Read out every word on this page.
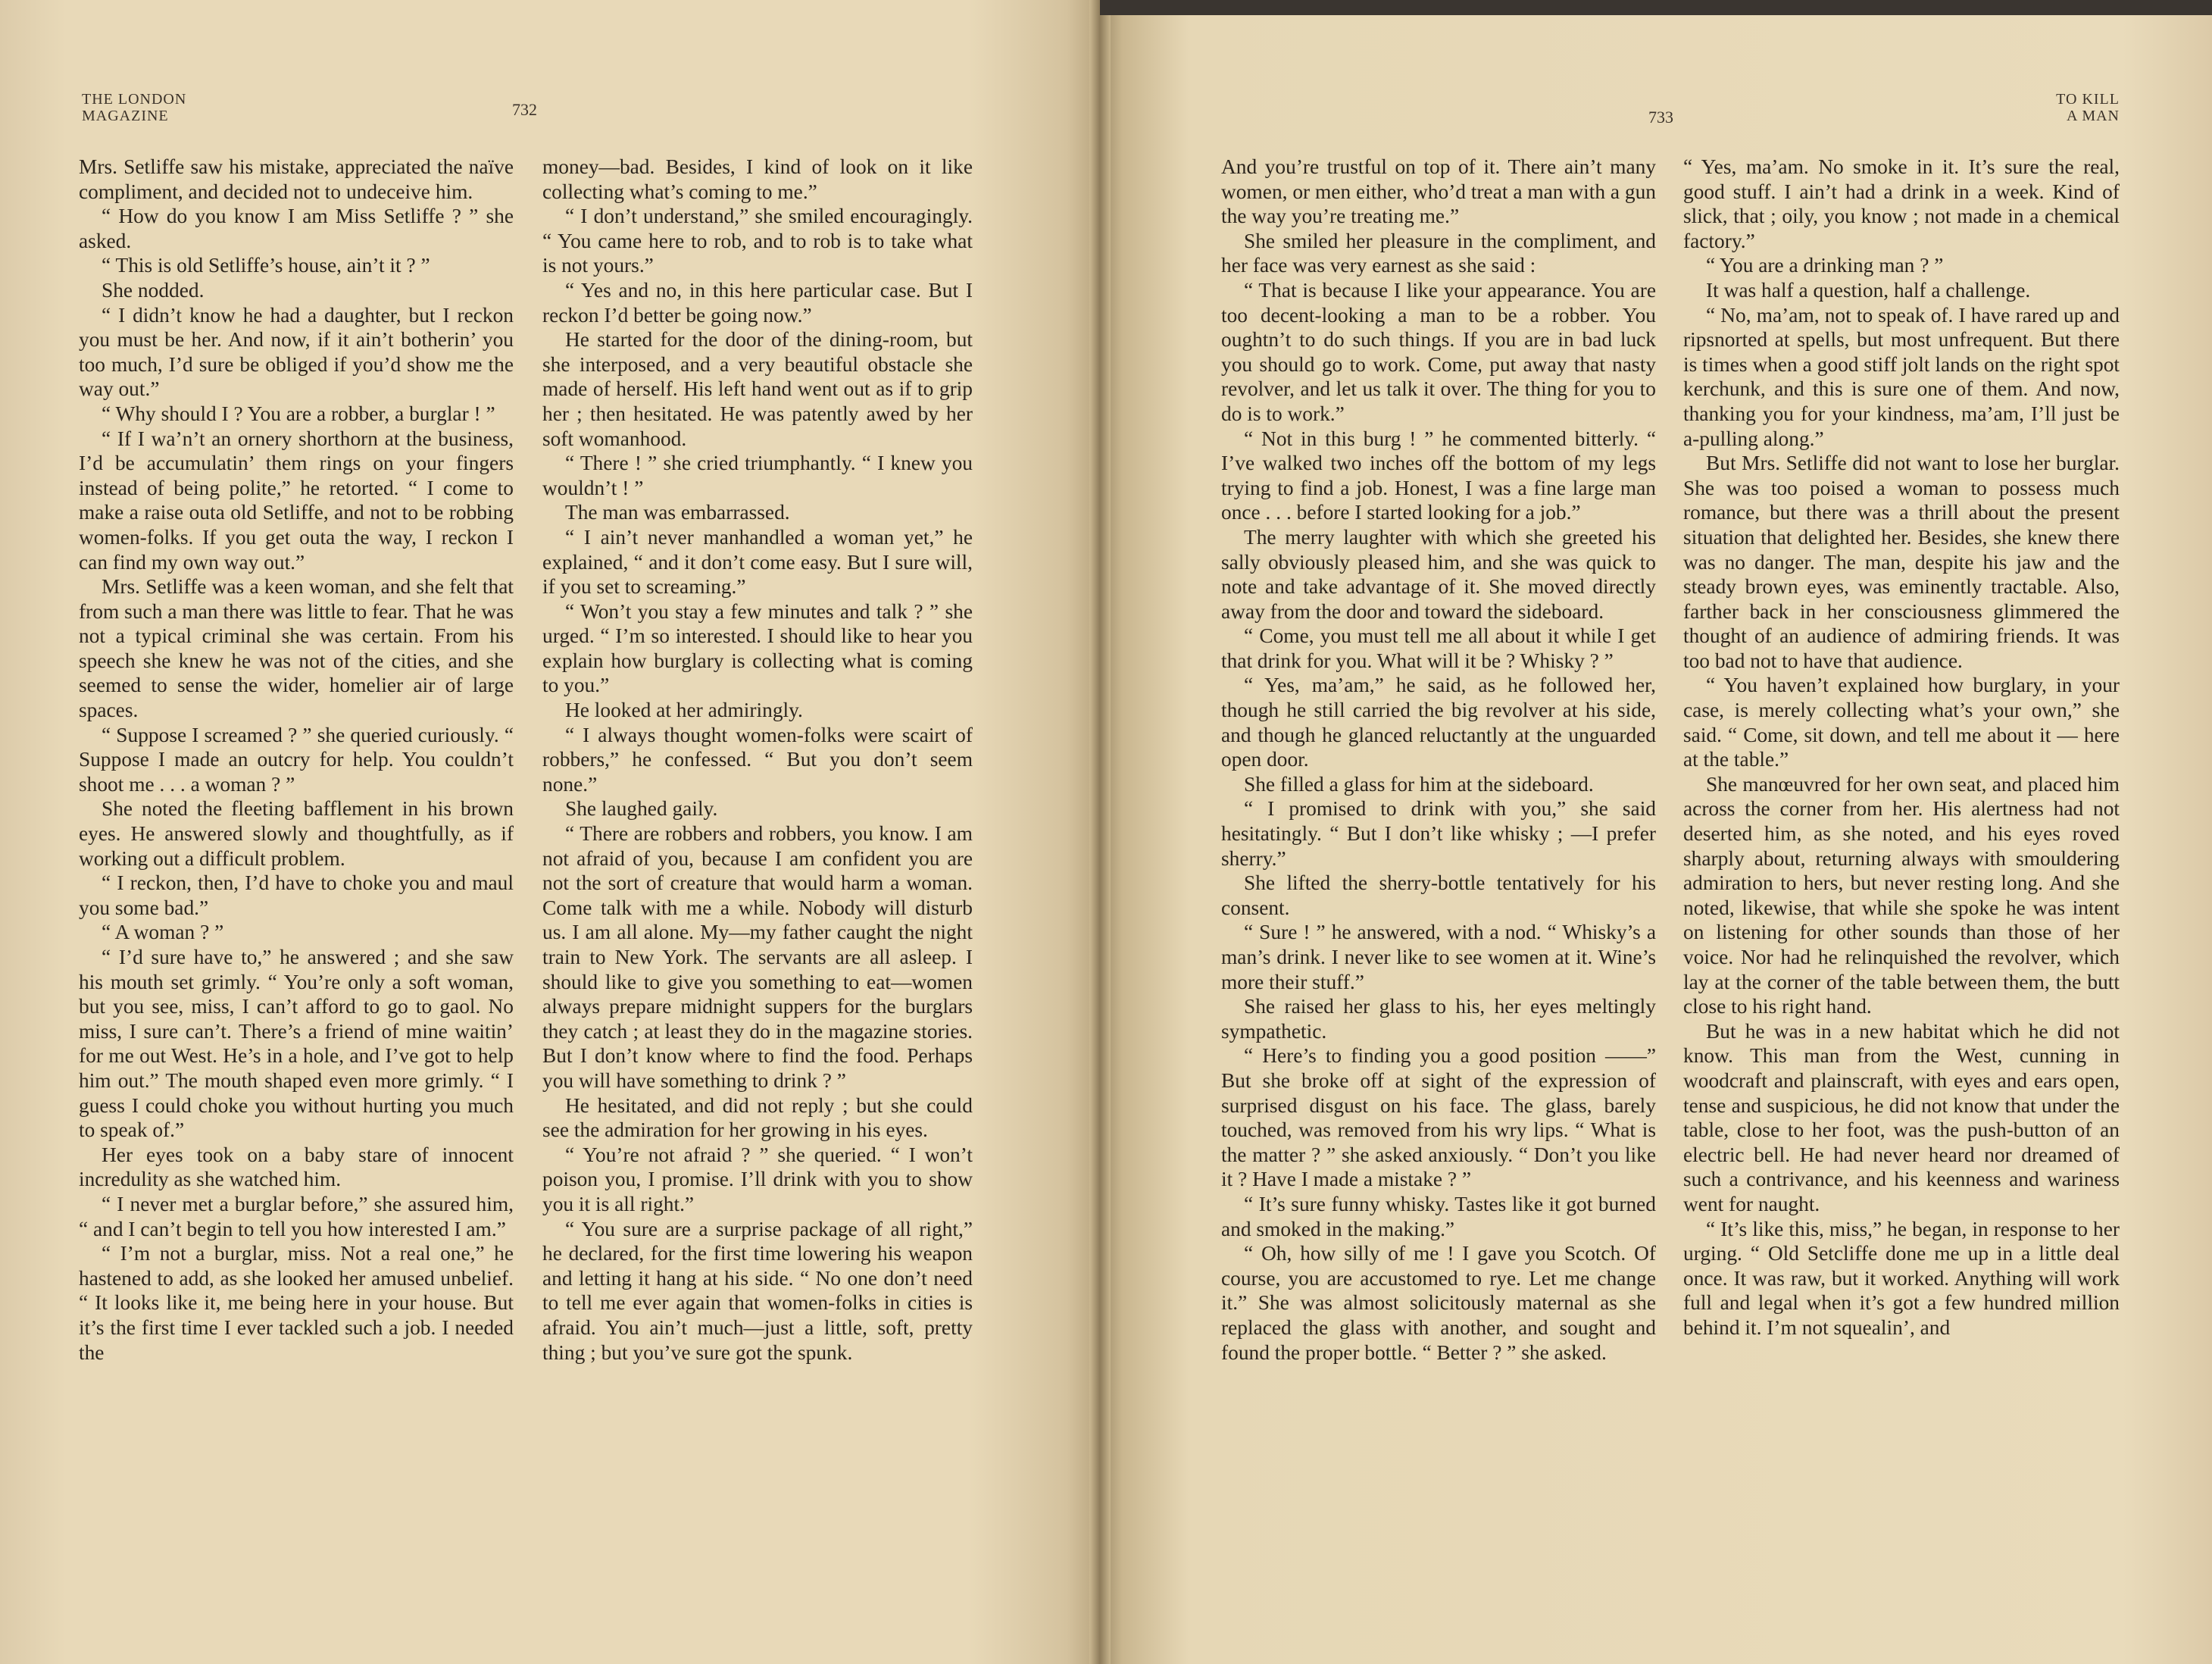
THE LONDON
MAGAZINE	732

Mrs. Setliffe saw his mistake, appreciated the naïve compliment, and decided not to undeceive him.

“ How do you know I am Miss Setliffe ? ” she asked.

“ This is old Setliffe’s house, ain’t it ? ”

She nodded.

“ I didn’t know he had a daughter, but I reckon you must be her. And now, if it ain’t botherin’ you too much, I’d sure be obliged if you’d show me the way out.”

“ Why should I ? You are a robber, a burglar ! ”

“ If I wa’n’t an ornery shorthorn at the business, I’d be accumulatin’ them rings on your fingers instead of being polite,” he retorted. “ I come to make a raise outa old Setliffe, and not to be robbing women-folks. If you get outa the way, I reckon I can find my own way out.”

Mrs. Setliffe was a keen woman, and she felt that from such a man there was little to fear. That he was not a typical criminal she was certain. From his speech she knew he was not of the cities, and she seemed to sense the wider, homelier air of large spaces.

“ Suppose I screamed ? ” she queried curiously. “ Suppose I made an outcry for help. You couldn’t shoot me . . . a woman ? ”

She noted the fleeting bafflement in his brown eyes. He answered slowly and thoughtfully, as if working out a difficult problem.

“ I reckon, then, I’d have to choke you and maul you some bad.”

“ A woman ? ”

“ I’d sure have to,” he answered ; and she saw his mouth set grimly. “ You’re only a soft woman, but you see, miss, I can’t afford to go to gaol. No miss, I sure can’t. There’s a friend of mine waitin’ for me out West. He’s in a hole, and I’ve got to help him out.” The mouth shaped even more grimly. “ I guess I could choke you without hurting you much to speak of.”

Her eyes took on a baby stare of innocent incredulity as she watched him.

“ I never met a burglar before,” she assured him, “ and I can’t begin to tell you how interested I am.”

“ I’m not a burglar, miss. Not a real one,” he hastened to add, as she looked her amused unbelief. “ It looks like it, me being here in your house. But it’s the first time I ever tackled such a job. I needed the

money—bad. Besides, I kind of look on it like collecting what’s coming to me.”

“ I don’t understand,” she smiled encouragingly. “ You came here to rob, and to rob is to take what is not yours.”

“ Yes and no, in this here particular case. But I reckon I’d better be going now.”

He started for the door of the dining-room, but she interposed, and a very beautiful obstacle she made of herself. His left hand went out as if to grip her ; then hesitated. He was patently awed by her soft womanhood.

“ There ! ” she cried triumphantly. “ I knew you wouldn’t ! ”

The man was embarrassed.

“ I ain’t never manhandled a woman yet,” he explained, “ and it don’t come easy. But I sure will, if you set to screaming.”

“ Won’t you stay a few minutes and talk ? ” she urged. “ I’m so interested. I should like to hear you explain how burglary is collecting what is coming to you.”

He looked at her admiringly.

“ I always thought women-folks were scairt of robbers,” he confessed. “ But you don’t seem none.”

She laughed gaily.

“ There are robbers and robbers, you know. I am not afraid of you, because I am confident you are not the sort of creature that would harm a woman. Come talk with me a while. Nobody will disturb us. I am all alone. My—my father caught the night train to New York. The servants are all asleep. I should like to give you something to eat—women always prepare midnight suppers for the burglars they catch ; at least they do in the magazine stories. But I don’t know where to find the food. Perhaps you will have something to drink ? ”

He hesitated, and did not reply ; but she could see the admiration for her growing in his eyes.

“ You’re not afraid ? ” she queried. “ I won’t poison you, I promise. I’ll drink with you to show you it is all right.”

“ You sure are a surprise package of all right,” he declared, for the first time lowering his weapon and letting it hang at his side. “ No one don’t need to tell me ever again that women-folks in cities is afraid. You ain’t much—just a little, soft, pretty thing ; but you’ve sure got the spunk.

733
TO KILL
A MAN

And you’re trustful on top of it. There ain’t many women, or men either, who’d treat a man with a gun the way you’re treating me.”

She smiled her pleasure in the compliment, and her face was very earnest as she said :

“ That is because I like your appearance. You are too decent-looking a man to be a robber. You oughtn’t to do such things. If you are in bad luck you should go to work. Come, put away that nasty revolver, and let us talk it over. The thing for you to do is to work.”

“ Not in this burg ! ” he commented bitterly. “ I’ve walked two inches off the bottom of my legs trying to find a job. Honest, I was a fine large man once . . . before I started looking for a job.”

The merry laughter with which she greeted his sally obviously pleased him, and she was quick to note and take advantage of it. She moved directly away from the door and toward the sideboard.

“ Come, you must tell me all about it while I get that drink for you. What will it be ? Whisky ? ”

“ Yes, ma’am,” he said, as he followed her, though he still carried the big revolver at his side, and though he glanced reluctantly at the unguarded open door.

She filled a glass for him at the sideboard.

“ I promised to drink with you,” she said hesitatingly. “ But I don’t like whisky ; —I prefer sherry.”

She lifted the sherry-bottle tentatively for his consent.

“ Sure ! ” he answered, with a nod. “ Whisky’s a man’s drink. I never like to see women at it. Wine’s more their stuff.”

She raised her glass to his, her eyes meltingly sympathetic.

“ Here’s to finding you a good position ——” But she broke off at sight of the expression of surprised disgust on his face. The glass, barely touched, was removed from his wry lips. “ What is the matter ? ” she asked anxiously. “ Don’t you like it ? Have I made a mistake ? ”

“ It’s sure funny whisky. Tastes like it got burned and smoked in the making.”

“ Oh, how silly of me ! I gave you Scotch. Of course, you are accustomed to rye. Let me change it.” She was almost solicitously maternal as she replaced the glass with another, and sought and found the proper bottle. “ Better ? ” she asked.

“ Yes, ma’am. No smoke in it. It’s sure the real, good stuff. I ain’t had a drink in a week. Kind of slick, that ; oily, you know ; not made in a chemical factory.”

“ You are a drinking man ? ”

It was half a question, half a challenge.

“ No, ma’am, not to speak of. I have rared up and ripsnorted at spells, but most unfrequent. But there is times when a good stiff jolt lands on the right spot kerchunk, and this is sure one of them. And now, thanking you for your kindness, ma’am, I’ll just be a-pulling along.”

But Mrs. Setliffe did not want to lose her burglar. She was too poised a woman to possess much romance, but there was a thrill about the present situation that delighted her. Besides, she knew there was no danger. The man, despite his jaw and the steady brown eyes, was eminently tractable. Also, farther back in her consciousness glimmered the thought of an audience of admiring friends. It was too bad not to have that audience.

“ You haven’t explained how burglary, in your case, is merely collecting what’s your own,” she said. “ Come, sit down, and tell me about it — here at the table.”

She manœuvred for her own seat, and placed him across the corner from her. His alertness had not deserted him, as she noted, and his eyes roved sharply about, returning always with smouldering admiration to hers, but never resting long. And she noted, likewise, that while she spoke he was intent on listening for other sounds than those of her voice. Nor had he relinquished the revolver, which lay at the corner of the table between them, the butt close to his right hand.

But he was in a new habitat which he did not know. This man from the West, cunning in woodcraft and plainscraft, with eyes and ears open, tense and suspicious, he did not know that under the table, close to her foot, was the push-button of an electric bell. He had never heard nor dreamed of such a contrivance, and his keenness and wariness went for naught.

“ It’s like this, miss,” he began, in response to her urging. “ Old Setcliffe done me up in a little deal once. It was raw, but it worked. Anything will work full and legal when it’s got a few hundred million behind it. I’m not squealin’, and
